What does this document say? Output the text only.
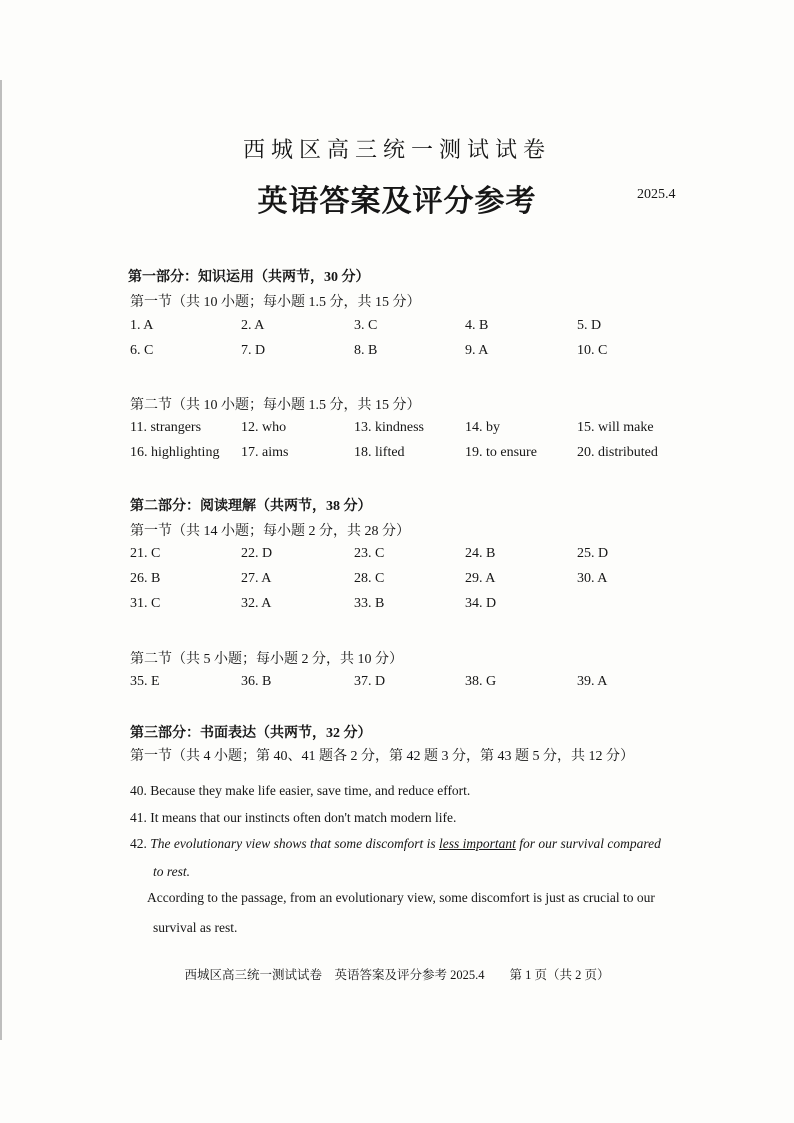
西城区高三统一测试试卷
英语答案及评分参考	2025.4
第一部分：知识运用（共两节，30 分）
第一节（共 10 小题；每小题 1.5 分，共 15 分）
1. A	2. A	3. C	4. B	5. D
6. C	7. D	8. B	9. A	10. C
第二节（共 10 小题；每小题 1.5 分，共 15 分）
11. strangers	12. who	13. kindness	14. by	15. will make
16. highlighting 17. aims	18. lifted	19. to ensure	20. distributed
第二部分：阅读理解（共两节，38 分）
第一节（共 14 小题；每小题 2 分，共 28 分）
21. C	22. D	23. C	24. B	25. D
26. B	27. A	28. C	29. A	30. A
31. C	32. A	33. B	34. D
第二节（共 5 小题；每小题 2 分，共 10 分）
35. E	36. B	37. D	38. G	39. A
第三部分：书面表达（共两节，32 分）
第一节（共 4 小题；第 40、41 题各 2 分，第 42 题 3 分，第 43 题 5 分，共 12 分）
40. Because they make life easier, save time, and reduce effort.
41. It means that our instincts often don't match modern life.
42. The evolutionary view shows that some discomfort is less important for our survival compared
to rest.
According to the passage, from an evolutionary view, some discomfort is just as crucial to our
survival as rest.
西城区高三统一测试试卷　英语答案及评分参考 2025.4　　第 1 页（共 2 页）
